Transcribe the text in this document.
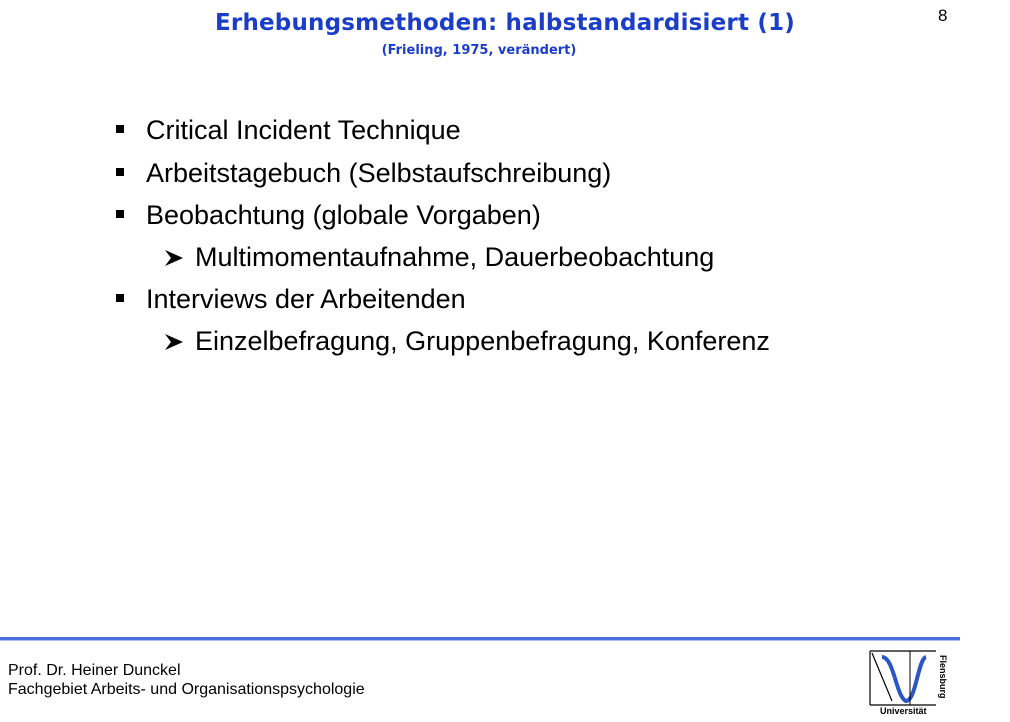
Erhebungsmethoden: halbstandardisiert (1)
(Frieling, 1975, verändert)
8
Critical Incident Technique
Arbeitstagebuch (Selbstaufschreibung)
Beobachtung (globale Vorgaben)
Multimomentaufnahme, Dauerbeobachtung
Interviews der Arbeitenden
Einzelbefragung, Gruppenbefragung, Konferenz
Prof. Dr. Heiner Dunckel
Fachgebiet Arbeits- und Organisationspsychologie	Flensburg
Universität
